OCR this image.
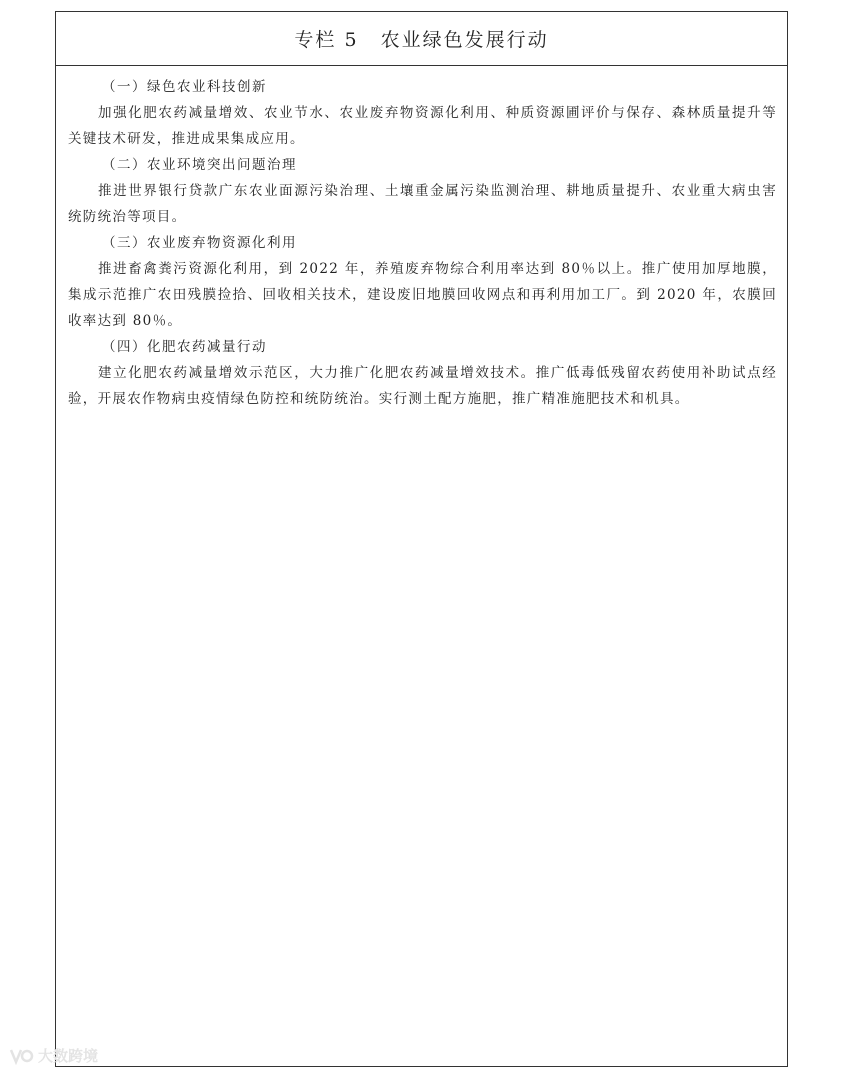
专栏 5 农业绿色发展行动
（一）绿色农业科技创新
加强化肥农药减量增效、农业节水、农业废弃物资源化利用、种质资源圃评价与保存、森林质量提升等关键技术研发，推进成果集成应用。
（二）农业环境突出问题治理
推进世界银行贷款广东农业面源污染治理、土壤重金属污染监测治理、耕地质量提升、农业重大病虫害统防统治等项目。
（三）农业废弃物资源化利用
推进畜禽粪污资源化利用，到 2022 年，养殖废弃物综合利用率达到 80％以上。推广使用加厚地膜，集成示范推广农田残膜捡拾、回收相关技术，建设废旧地膜回收网点和再利用加工厂。到 2020 年，农膜回收率达到 80％。
（四）化肥农药减量行动
建立化肥农药减量增效示范区，大力推广化肥农药减量增效技术。推广低毒低残留农药使用补助试点经验，开展农作物病虫疫情绿色防控和统防统治。实行测土配方施肥，推广精准施肥技术和机具。
大数跨境
